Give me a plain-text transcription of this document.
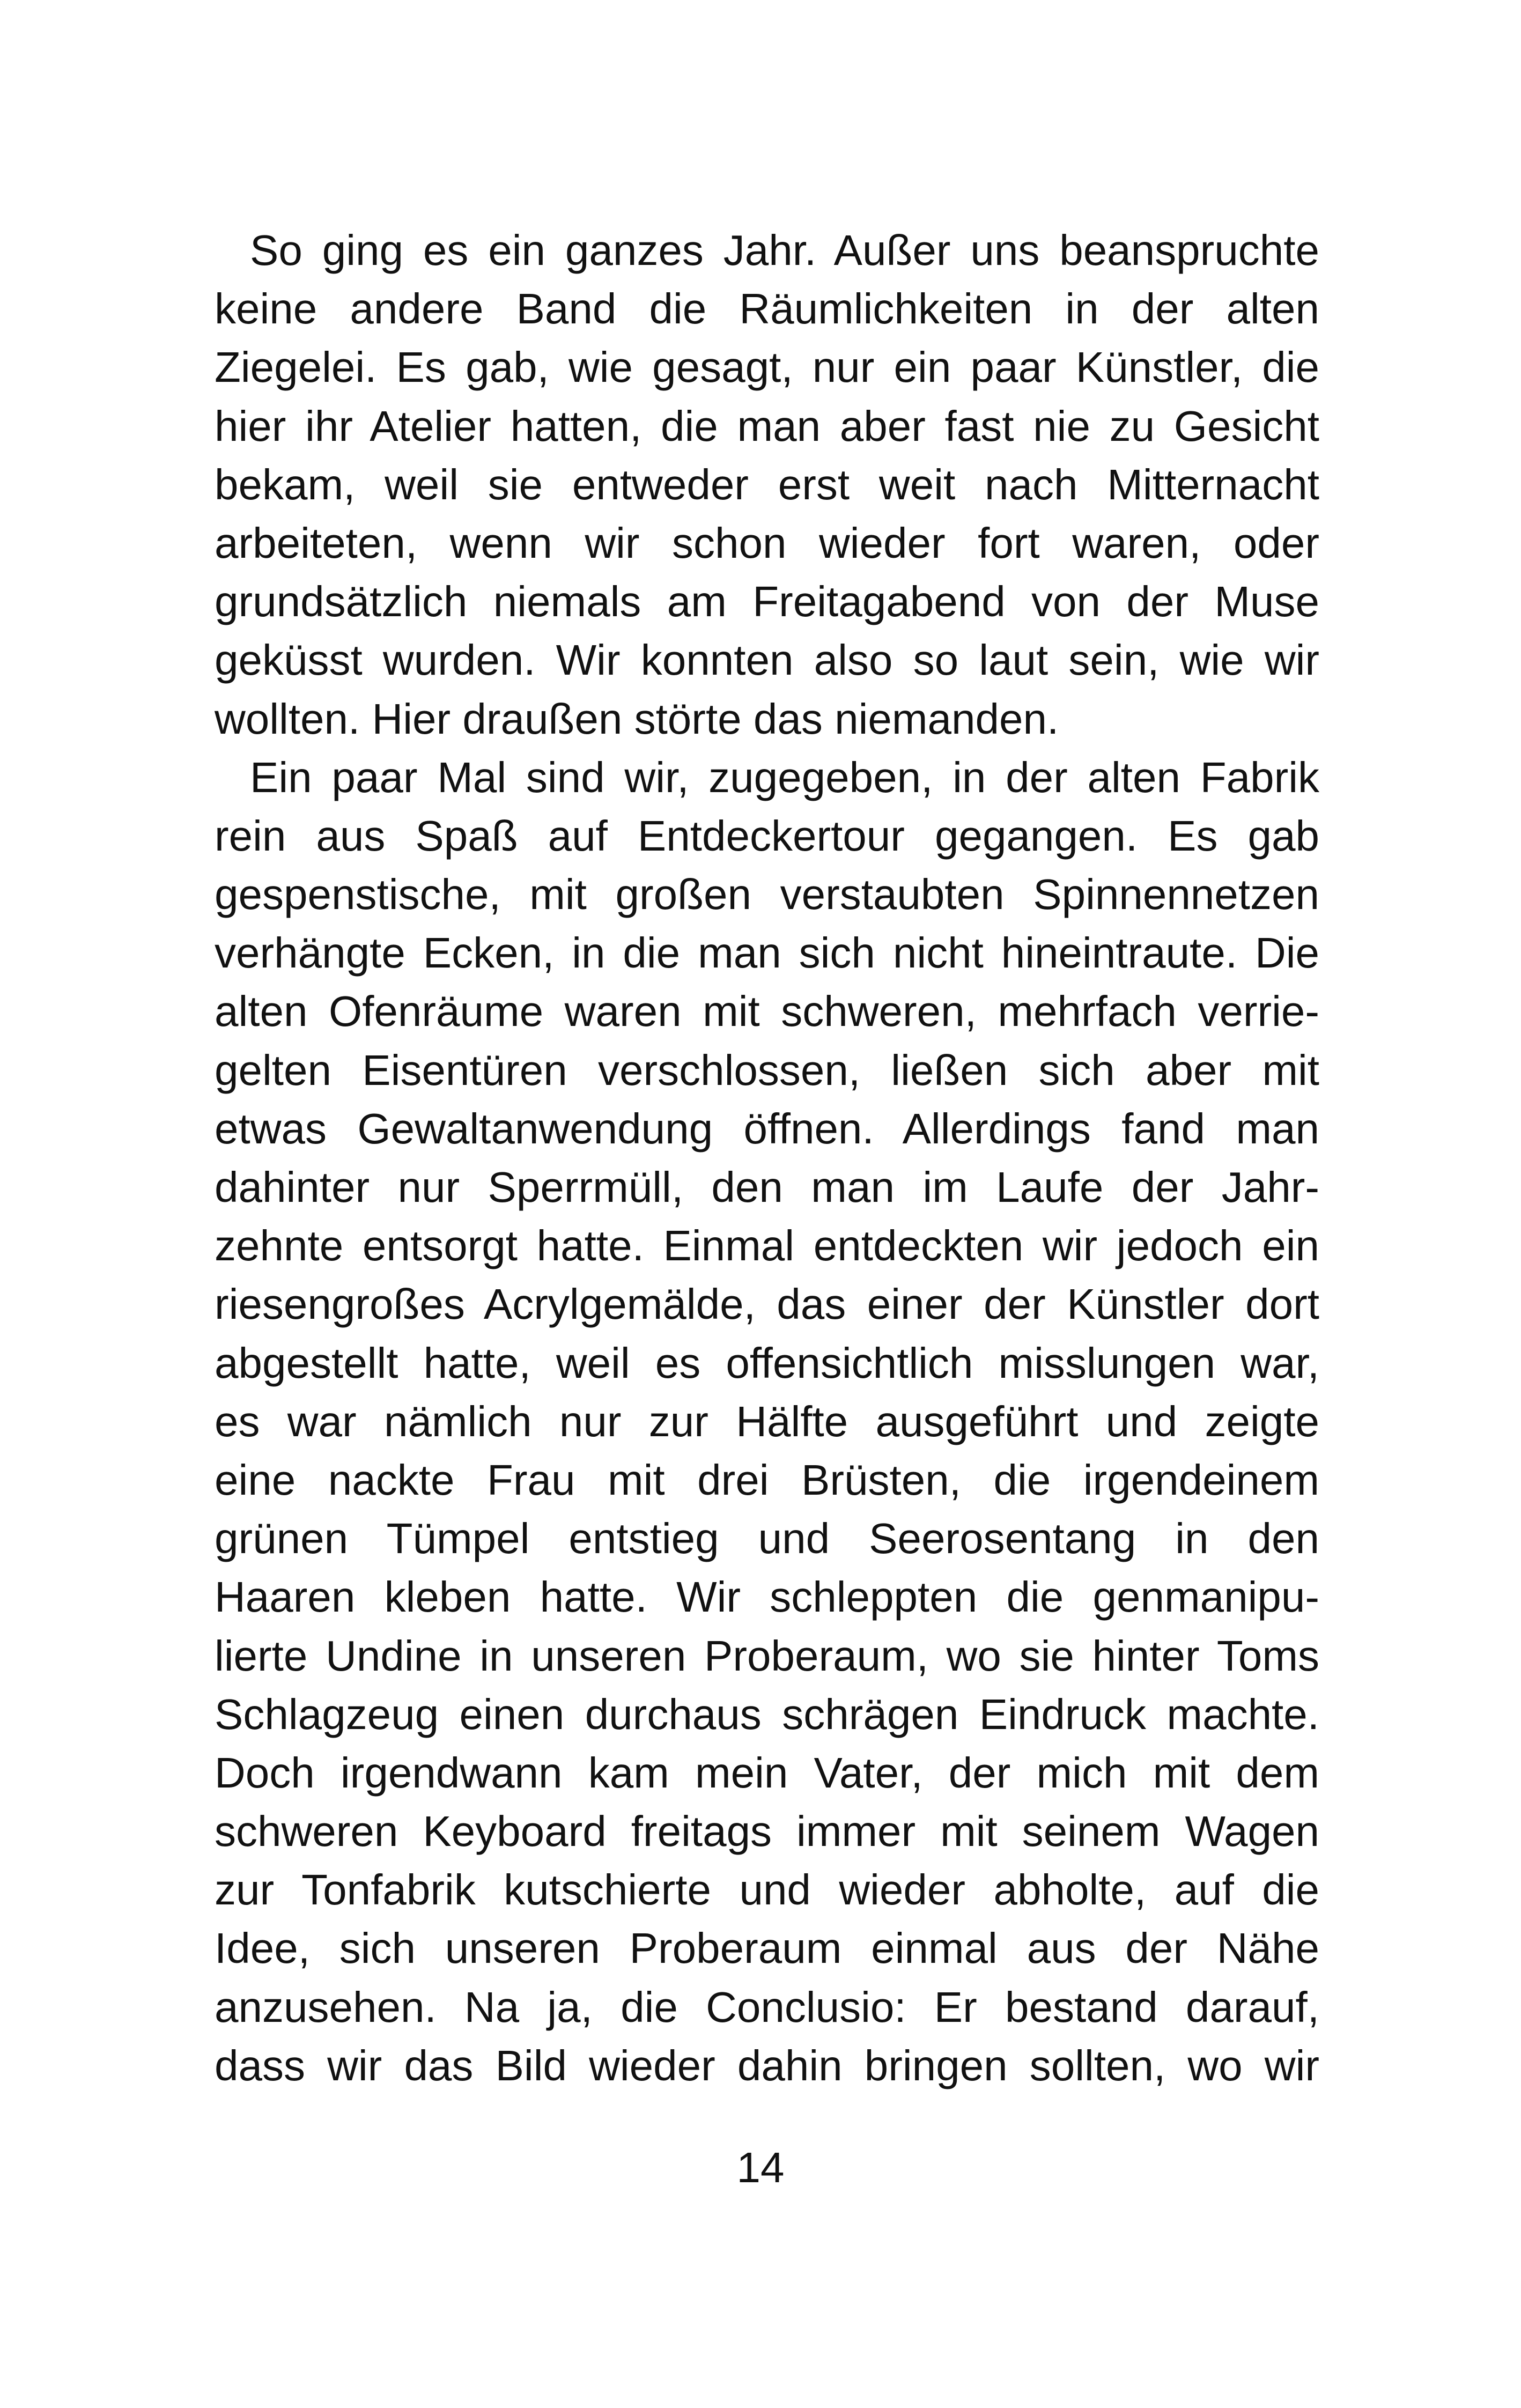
So ging es ein ganzes Jahr. Außer uns beanspruchte
keine andere Band die Räumlichkeiten in der alten
Ziegelei. Es gab, wie gesagt, nur ein paar Künstler, die
hier ihr Atelier hatten, die man aber fast nie zu Gesicht
bekam, weil sie entweder erst weit nach Mitternacht
arbeiteten, wenn wir schon wieder fort waren, oder
grundsätzlich niemals am Freitagabend von der Muse
geküsst wurden. Wir konnten also so laut sein, wie wir
wollten. Hier draußen störte das niemanden.
Ein paar Mal sind wir, zugegeben, in der alten Fabrik
rein aus Spaß auf Entdeckertour gegangen. Es gab
gespenstische, mit großen verstaubten Spinnennetzen
verhängte Ecken, in die man sich nicht hineintraute. Die
alten Ofenräume waren mit schweren, mehrfach verrie-
gelten Eisentüren verschlossen, ließen sich aber mit
etwas Gewaltanwendung öffnen. Allerdings fand man
dahinter nur Sperrmüll, den man im Laufe der Jahr-
zehnte entsorgt hatte. Einmal entdeckten wir jedoch ein
riesengroßes Acrylgemälde, das einer der Künstler dort
abgestellt hatte, weil es offensichtlich misslungen war,
es war nämlich nur zur Hälfte ausgeführt und zeigte
eine nackte Frau mit drei Brüsten, die irgendeinem
grünen Tümpel entstieg und Seerosentang in den
Haaren kleben hatte. Wir schleppten die genmanipu-
lierte Undine in unseren Proberaum, wo sie hinter Toms
Schlagzeug einen durchaus schrägen Eindruck machte.
Doch irgendwann kam mein Vater, der mich mit dem
schweren Keyboard freitags immer mit seinem Wagen
zur Tonfabrik kutschierte und wieder abholte, auf die
Idee, sich unseren Proberaum einmal aus der Nähe
anzusehen. Na ja, die Conclusio: Er bestand darauf,
dass wir das Bild wieder dahin bringen sollten, wo wir
14
